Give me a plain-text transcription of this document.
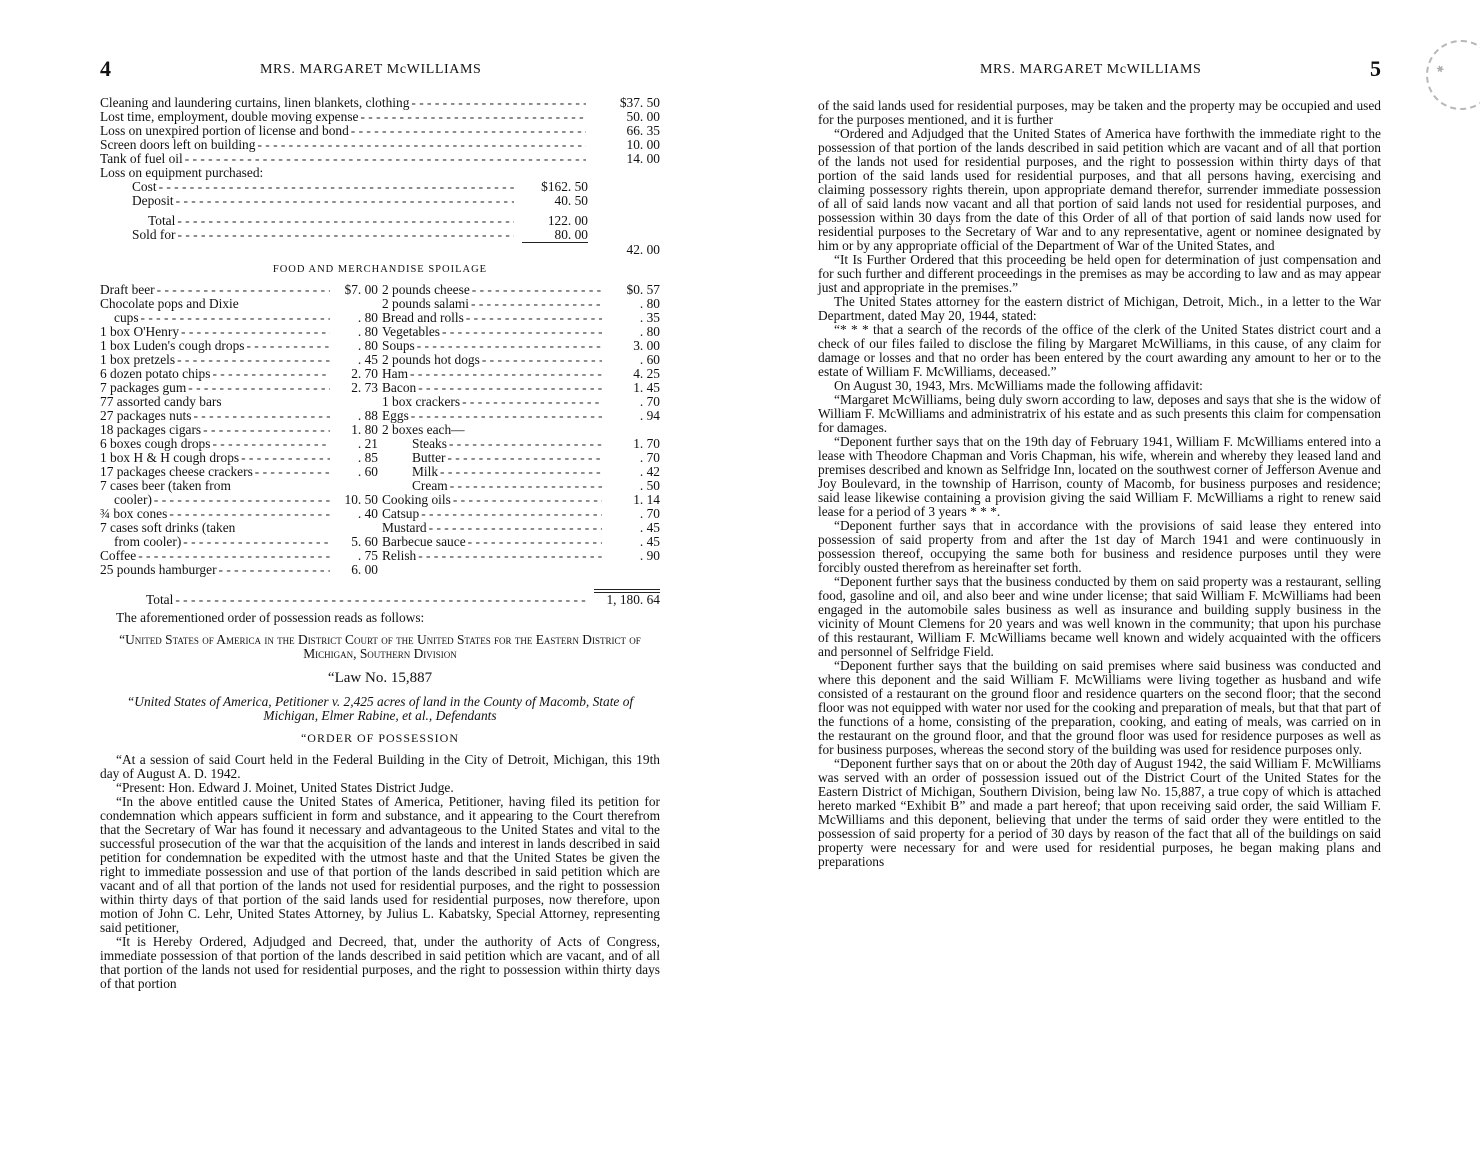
4	MRS. MARGARET McWILLIAMS
Cleaning and laundering curtains, linen blankets, clothing - - -	$37. 50
Lost time, employment, double moving expense - - -	50. 00
Loss on unexpired portion of license and bond - - -	66. 35
Screen doors left on building - - -	10. 00
Tank of fuel oil - - -	14. 00
Loss on equipment purchased:
Cost - - -	$162. 50
Deposit - - -	40. 50
Total - - -	122. 00
Sold for - - -	80. 00
42. 00
FOOD AND MERCHANDISE SPOILAGE
Draft beer - - -	$7. 00
Chocolate pops and Dixie
cups - - -	. 80
1 box O'Henry - - -	. 80
1 box Luden's cough drops - - -	. 80
1 box pretzels - - -	. 45
6 dozen potato chips - - -	2. 70
7 packages gum - - -	2. 73
77 assorted candy bars
27 packages nuts - - -	. 88
18 packages cigars - - -	1. 80
6 boxes cough drops - - -	. 21
1 box H & H cough drops - - -	. 85
17 packages cheese crackers - - -	. 60
7 cases beer (taken from
cooler) - - -	10. 50
¾ box cones - - -	. 40
7 cases soft drinks (taken
from cooler) - - -	5. 60
Coffee - - -	. 75
25 pounds hamburger - - -	6. 00
2 pounds cheese - - -	$0. 57
2 pounds salami - - -	. 80
Bread and rolls - - -	. 35
Vegetables - - -	. 80
Soups - - -	3. 00
2 pounds hot dogs - - -	. 60
Ham - - -	4. 25
Bacon - - -	1. 45
1 box crackers - - -	. 70
Eggs - - -	. 94
2 boxes each—
Steaks - - -	1. 70
Butter - - -	. 70
Milk - - -	. 42
Cream - - -	. 50
Cooking oils - - -	1. 14
Catsup - - -	. 70
Mustard - - -	. 45
Barbecue sauce - - -	. 45
Relish - - -	. 90
Total - - -	1, 180. 64

The aforementioned order of possession reads as follows:

“United States of America in the District Court of the United States for the Eastern District of Michigan, Southern Division

“Law No. 15,887

“United States of America, Petitioner v. 2,425 acres of land in the County of Macomb, State of Michigan, Elmer Rabine, et al., Defendants

“ORDER OF POSSESSION

“At a session of said Court held in the Federal Building in the City of Detroit, Michigan, this 19th day of August A. D. 1942.

“Present: Hon. Edward J. Moinet, United States District Judge.

“In the above entitled cause the United States of America, Petitioner, having filed its petition for condemnation which appears sufficient in form and substance, and it appearing to the Court therefrom that the Secretary of War has found it necessary and advantageous to the United States and vital to the successful prosecution of the war that the acquisition of the lands and interest in lands described in said petition for condemnation be expedited with the utmost haste and that the United States be given the right to immediate possession and use of that portion of the lands described in said petition which are vacant and of all that portion of the lands not used for residential purposes, and the right to possession within thirty days of that portion of the said lands used for residential purposes, now therefore, upon motion of John C. Lehr, United States Attorney, by Julius L. Kabatsky, Special Attorney, representing said petitioner,

“It is Hereby Ordered, Adjudged and Decreed, that, under the authority of Acts of Congress, immediate possession of that portion of the lands described in said petition which are vacant, and of all that portion of the lands not used for residential purposes, and the right to possession within thirty days of that portion

MRS. MARGARET McWILLIAMS	5

of the said lands used for residential purposes, may be taken and the property may be occupied and used for the purposes mentioned, and it is further

“Ordered and Adjudged that the United States of America have forthwith the immediate right to the possession of that portion of the lands described in said petition which are vacant and of all that portion of the lands not used for residential purposes, and the right to possession within thirty days of that portion of the said lands used for residential purposes, and that all persons having, exercising and claiming possessory rights therein, upon appropriate demand therefor, surrender immediate possession of all of said lands now vacant and all that portion of said lands not used for residential purposes, and possession within 30 days from the date of this Order of all of that portion of said lands now used for residential purposes to the Secretary of War and to any representative, agent or nominee designated by him or by any appropriate official of the Department of War of the United States, and

“It Is Further Ordered that this proceeding be held open for determination of just compensation and for such further and different proceedings in the premises as may be according to law and as may appear just and appropriate in the premises.”

The United States attorney for the eastern district of Michigan, Detroit, Mich., in a letter to the War Department, dated May 20, 1944, stated:

“* * * that a search of the records of the office of the clerk of the United States district court and a check of our files failed to disclose the filing by Margaret McWilliams, in this cause, of any claim for damage or losses and that no order has been entered by the court awarding any amount to her or to the estate of William F. McWilliams, deceased.”

On August 30, 1943, Mrs. McWilliams made the following affidavit:

“Margaret McWilliams, being duly sworn according to law, deposes and says that she is the widow of William F. McWilliams and administratrix of his estate and as such presents this claim for compensation for damages.

“Deponent further says that on the 19th day of February 1941, William F. McWilliams entered into a lease with Theodore Chapman and Voris Chapman, his wife, wherein and whereby they leased land and premises described and known as Selfridge Inn, located on the southwest corner of Jefferson Avenue and Joy Boulevard, in the township of Harrison, county of Macomb, for business purposes and residence; said lease likewise containing a provision giving the said William F. McWilliams a right to renew said lease for a period of 3 years * * *.

“Deponent further says that in accordance with the provisions of said lease they entered into possession of said property from and after the 1st day of March 1941 and were continuously in possession thereof, occupying the same both for business and residence purposes until they were forcibly ousted therefrom as hereinafter set forth.

“Deponent further says that the business conducted by them on said property was a restaurant, selling food, gasoline and oil, and also beer and wine under license; that said William F. McWilliams had been engaged in the automobile sales business as well as insurance and building supply business in the vicinity of Mount Clemens for 20 years and was well known in the community; that upon his purchase of this restaurant, William F. McWilliams became well known and widely acquainted with the officers and personnel of Selfridge Field.

“Deponent further says that the building on said premises where said business was conducted and where this deponent and the said William F. McWilliams were living together as husband and wife consisted of a restaurant on the ground floor and residence quarters on the second floor; that the second floor was not equipped with water nor used for the cooking and preparation of meals, but that that part of the functions of a home, consisting of the preparation, cooking, and eating of meals, was carried on in the restaurant on the ground floor, and that the ground floor was used for residence purposes as well as for business purposes, whereas the second story of the building was used for residence purposes only.

“Deponent further says that on or about the 20th day of August 1942, the said William F. McWilliams was served with an order of possession issued out of the District Court of the United States for the Eastern District of Michigan, Southern Division, being law No. 15,887, a true copy of which is attached hereto marked “Exhibit B” and made a part hereof; that upon receiving said order, the said William F. McWilliams and this deponent, believing that under the terms of said order they were entitled to the possession of said property for a period of 30 days by reason of the fact that all of the buildings on said property were necessary for and were used for residential purposes, he began making plans and preparations

✱
